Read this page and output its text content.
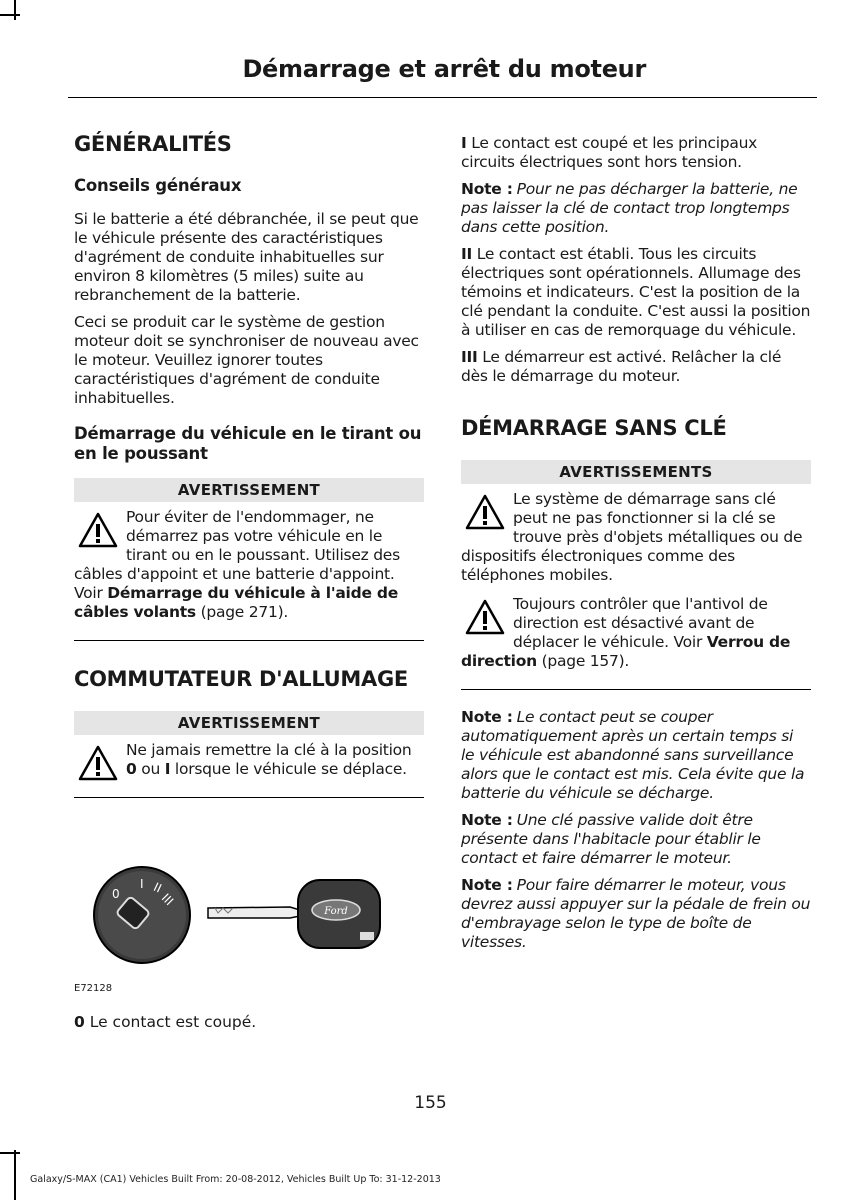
Démarrage et arrêt du moteur
GÉNÉRALITÉS
Conseils généraux

Si le batterie a été débranchée, il se peut que le véhicule présente des caractéristiques d'agrément de conduite inhabituelles sur environ 8 kilomètres (5 miles) suite au rebranchement de la batterie.

Ceci se produit car le système de gestion moteur doit se synchroniser de nouveau avec le moteur. Veuillez ignorer toutes caractéristiques d'agrément de conduite inhabituelles.

Démarrage du véhicule en le tirant ou en le poussant
AVERTISSEMENT
Pour éviter de l'endommager, ne démarrez pas votre véhicule en le tirant ou en le poussant. Utilisez des câbles d'appoint et une batterie d'appoint. Voir Démarrage du véhicule à l'aide de câbles volants (page 271).
COMMUTATEUR D'ALLUMAGE
AVERTISSEMENT
Ne jamais remettre la clé à la position 0 ou I lorsque le véhicule se déplace.
0
I II
III
Ford
E72128
0 Le contact est coupé.

I Le contact est coupé et les principaux circuits électriques sont hors tension.

Note : Pour ne pas décharger la batterie, ne pas laisser la clé de contact trop longtemps dans cette position.

II Le contact est établi. Tous les circuits électriques sont opérationnels. Allumage des témoins et indicateurs. C'est la position de la clé pendant la conduite. C'est aussi la position à utiliser en cas de remorquage du véhicule.

III Le démarreur est activé. Relâcher la clé dès le démarrage du moteur.

DÉMARRAGE SANS CLÉ
AVERTISSEMENTS
Le système de démarrage sans clé peut ne pas fonctionner si la clé se trouve près d'objets métalliques ou de dispositifs électroniques comme des téléphones mobiles.
Toujours contrôler que l'antivol de direction est désactivé avant de déplacer le véhicule. Voir Verrou de direction (page 157).

Note : Le contact peut se couper automatiquement après un certain temps si le véhicule est abandonné sans surveillance alors que le contact est mis. Cela évite que la batterie du véhicule se décharge.

Note : Une clé passive valide doit être présente dans l'habitacle pour établir le contact et faire démarrer le moteur.

Note : Pour faire démarrer le moteur, vous devrez aussi appuyer sur la pédale de frein ou d'embrayage selon le type de boîte de vitesses.

155
Galaxy/S-MAX (CA1) Vehicles Built From: 20-08-2012, Vehicles Built Up To: 31-12-2013
